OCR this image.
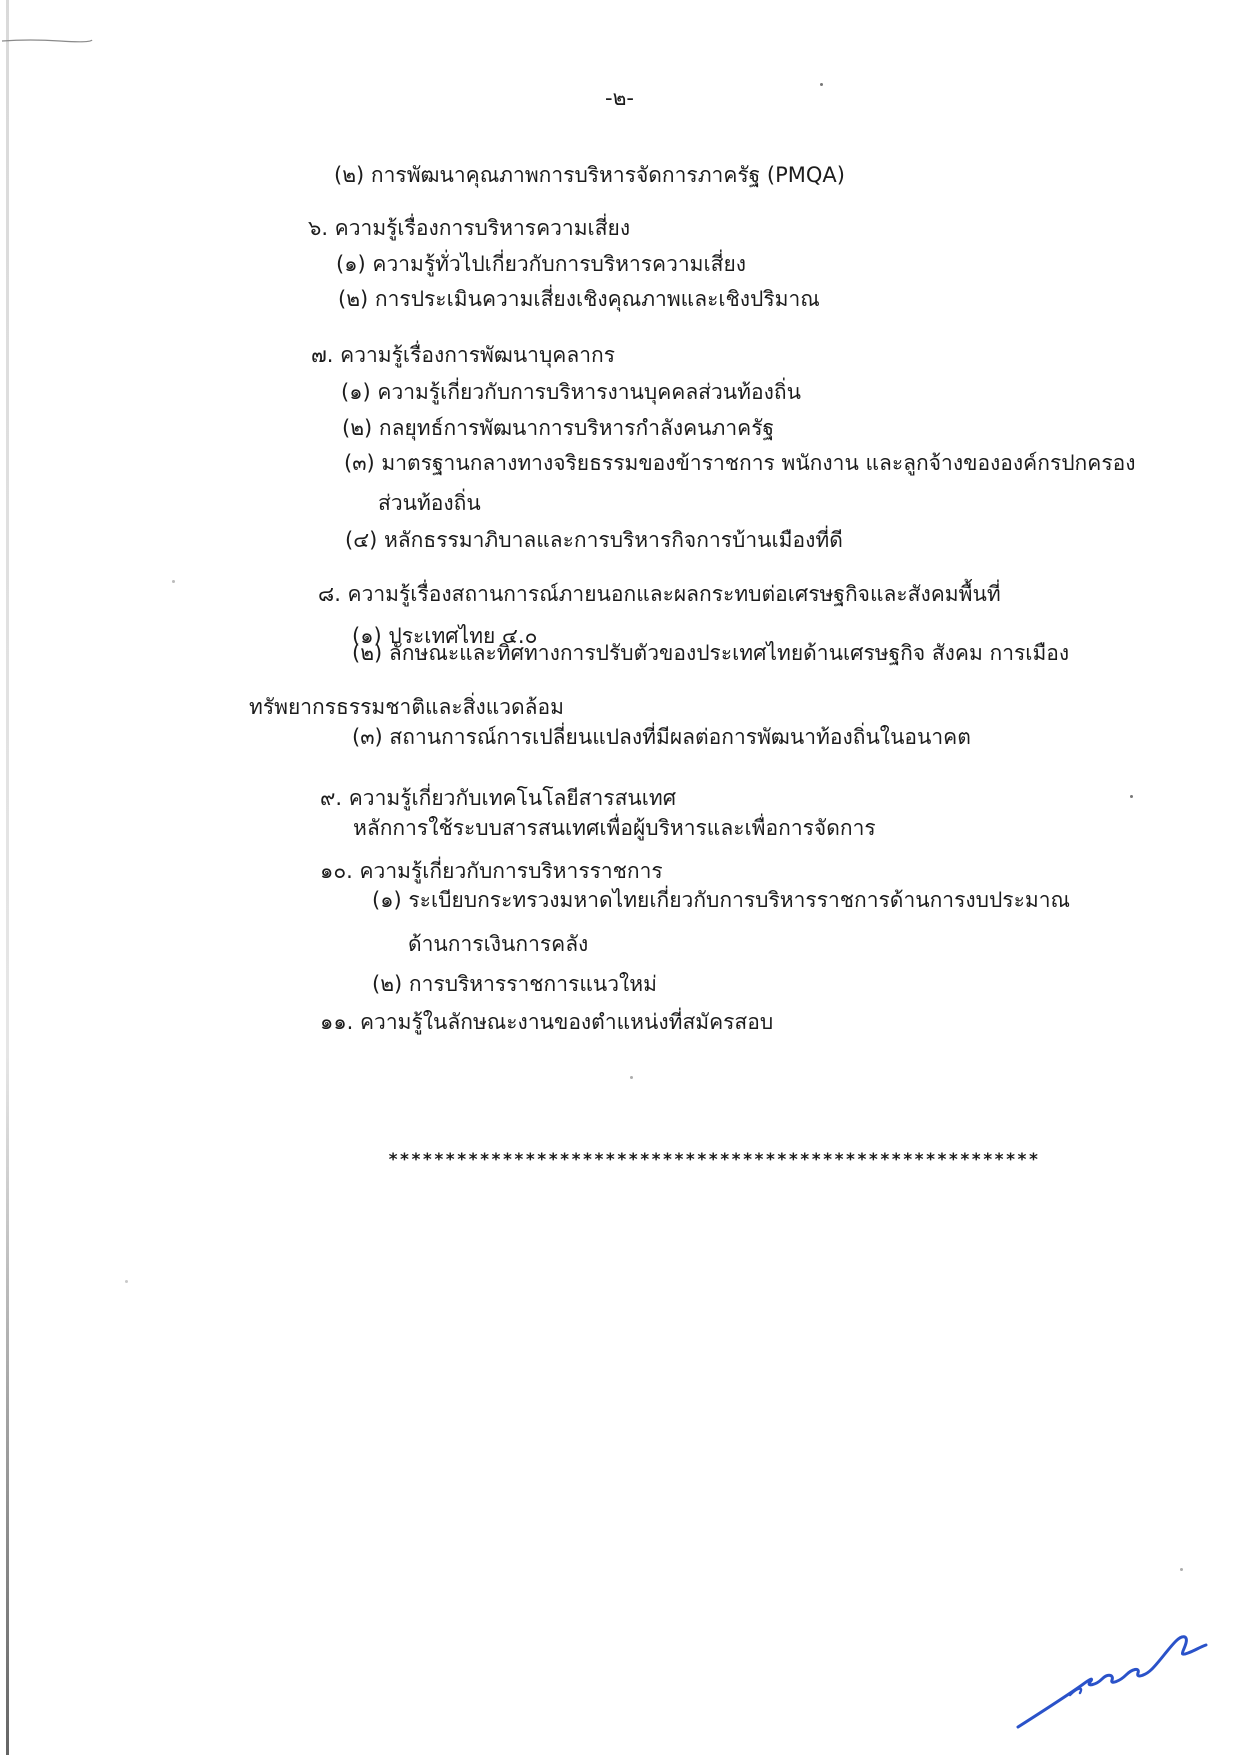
-๒-
(๒) การพัฒนาคุณภาพการบริหารจัดการภาครัฐ (PMQA)
๖. ความรู้เรื่องการบริหารความเสี่ยง
(๑) ความรู้ทั่วไปเกี่ยวกับการบริหารความเสี่ยง
(๒) การประเมินความเสี่ยงเชิงคุณภาพและเชิงปริมาณ
๗. ความรู้เรื่องการพัฒนาบุคลากร
(๑) ความรู้เกี่ยวกับการบริหารงานบุคคลส่วนท้องถิ่น
(๒) กลยุทธ์การพัฒนาการบริหารกำลังคนภาครัฐ
(๓) มาตรฐานกลางทางจริยธรรมของข้าราชการ พนักงาน และลูกจ้างขององค์กรปกครอง
ส่วนท้องถิ่น
(๔) หลักธรรมาภิบาลและการบริหารกิจการบ้านเมืองที่ดี
๘. ความรู้เรื่องสถานการณ์ภายนอกและผลกระทบต่อเศรษฐกิจและสังคมพื้นที่
(๑) ประเทศไทย ๔.๐
(๒) ลักษณะและทิศทางการปรับตัวของประเทศไทยด้านเศรษฐกิจ สังคม การเมือง
ทรัพยากรธรรมชาติและสิ่งแวดล้อม
(๓) สถานการณ์การเปลี่ยนแปลงที่มีผลต่อการพัฒนาท้องถิ่นในอนาคต
๙. ความรู้เกี่ยวกับเทคโนโลยีสารสนเทศ
หลักการใช้ระบบสารสนเทศเพื่อผู้บริหารและเพื่อการจัดการ
๑๐. ความรู้เกี่ยวกับการบริหารราชการ
(๑) ระเบียบกระทรวงมหาดไทยเกี่ยวกับการบริหารราชการด้านการงบประมาณ
ด้านการเงินการคลัง
(๒) การบริหารราชการแนวใหม่
๑๑. ความรู้ในลักษณะงานของตำแหน่งที่สมัครสอบ
*********************************************************
